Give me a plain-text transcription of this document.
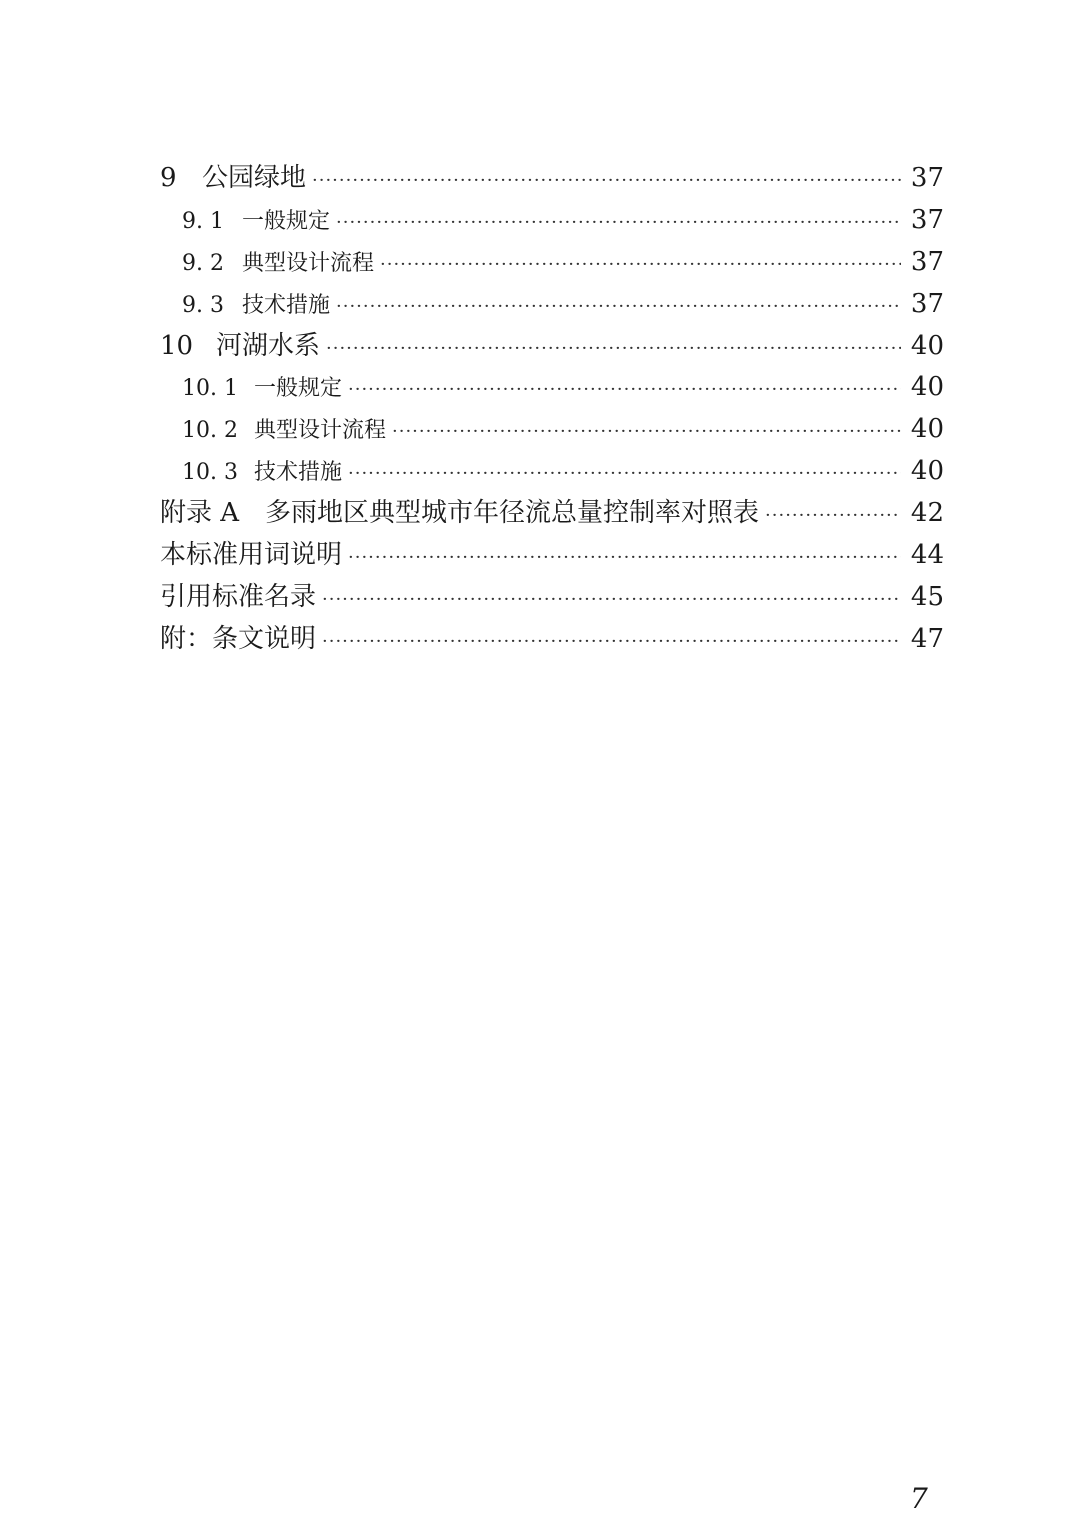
9 公园绿地 ·····	37
9. 1 一般规定 ·····	37
9. 2 典型设计流程 ·····	37
9. 3 技术措施 ·····	37
10 河湖水系 ·····	40
10. 1 一般规定 ·····	40
10. 2 典型设计流程 ·····	40
10. 3 技术措施 ·····	40
附录 A　多雨地区典型城市年径流总量控制率对照表 ·····	42
本标准用词说明 ·····	44
引用标准名录 ·····	45
附：条文说明 ·····	47
7
